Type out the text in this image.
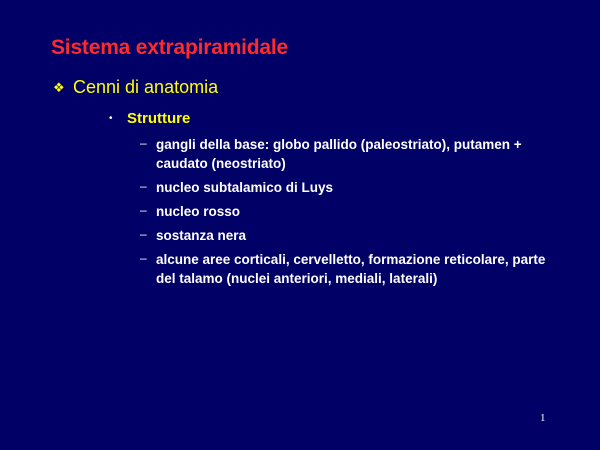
Sistema extrapiramidale
❖ Cenni di anatomia
• Strutture
– gangli della base: globo pallido (paleostriato), putamen + caudato (neostriato)
– nucleo subtalamico di Luys
– nucleo rosso
– sostanza nera
– alcune aree corticali, cervelletto, formazione reticolare, parte del talamo (nuclei anteriori, mediali, laterali)
1
